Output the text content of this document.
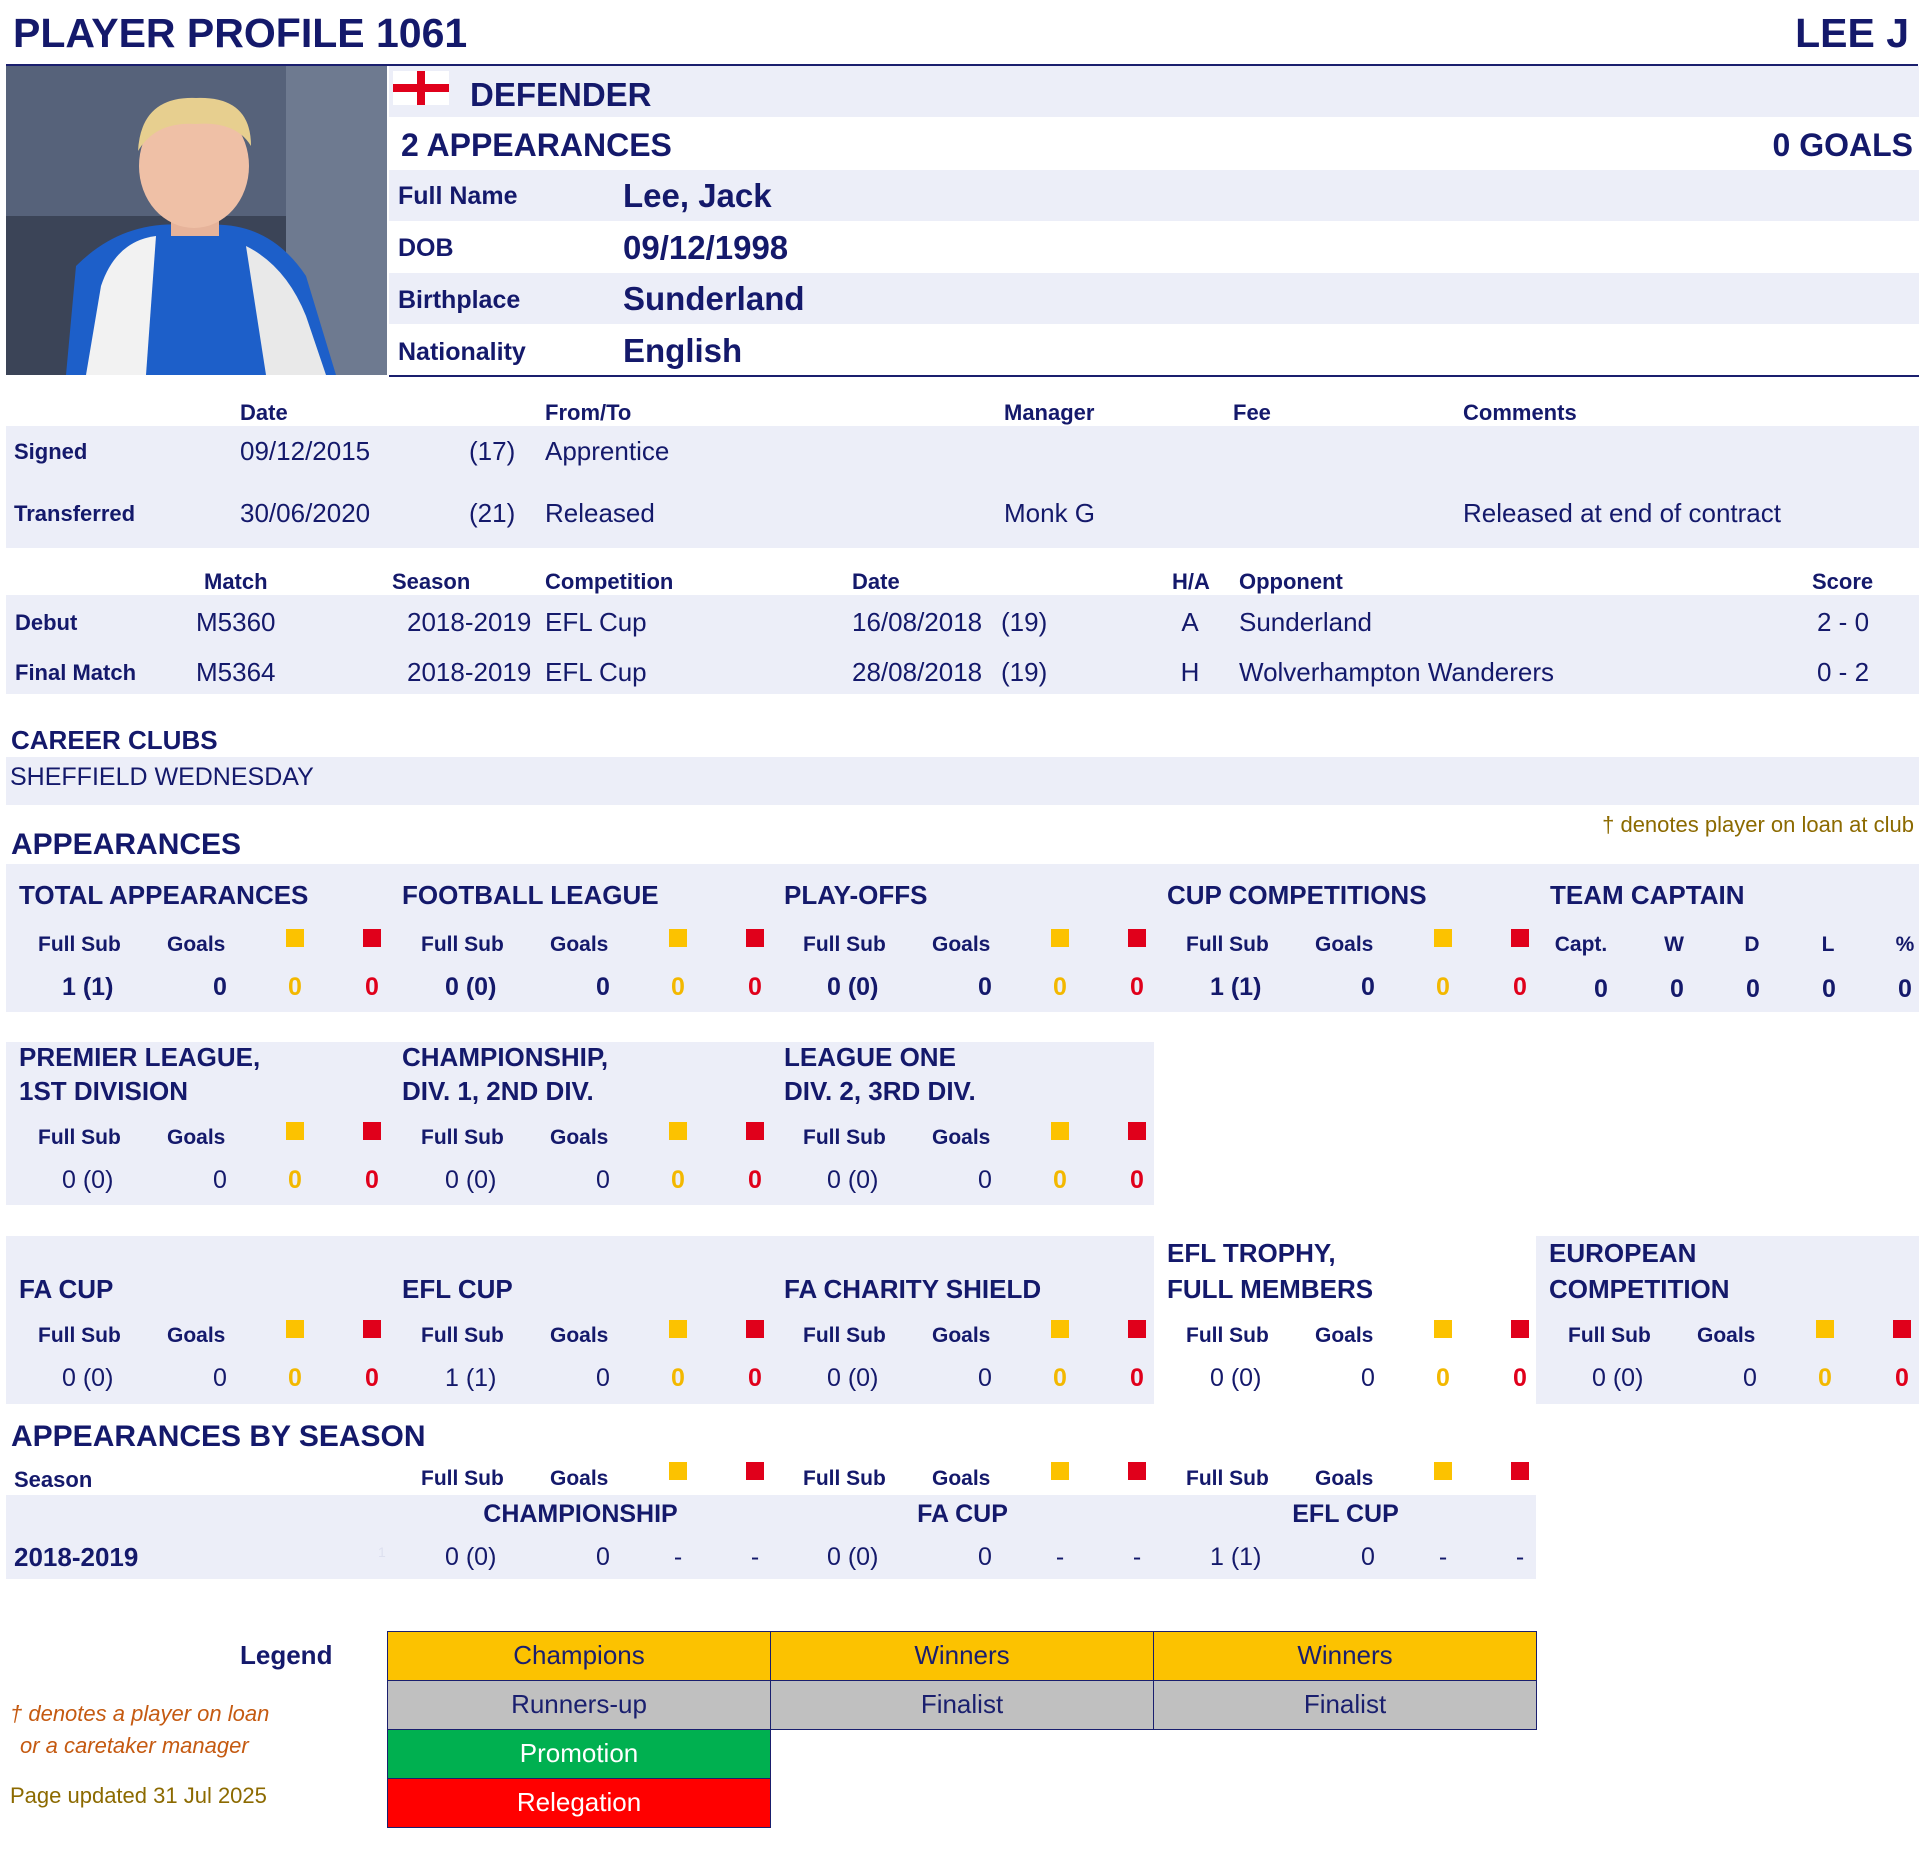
PLAYER PROFILE 1061	LEE J
DEFENDER
2 APPEARANCES	0 GOALS
Full Name	Lee, Jack
DOB	09/12/1998
Birthplace	Sunderland
Nationality	English
Date	From/To	Manager	Fee	Comments
Signed	09/12/2015	(17) Apprentice
Transferred	30/06/2020	(21) Released	Monk G	Released at end of contract
Match	Season	Competition	Date	H/A Opponent	Score
Debut	M5360	2018-2019 EFL Cup	16/08/2018 (19)	A	Sunderland	2 - 0
Final Match M5364	2018-2019 EFL Cup	28/08/2018 (19)	H	Wolverhampton Wanderers	0 - 2
CAREER CLUBS
SHEFFIELD WEDNESDAY
† denotes player on loan at club
APPEARANCES
TOTAL APPEARANCES
Full Sub Goals
1 (1)	0	0	0
FOOTBALL LEAGUE
Full Sub Goals
0 (0)	0	0	0
PLAY-OFFS
Full Sub Goals
0 (0)	0	0	0
CUP COMPETITIONS
Full Sub Goals
1 (1)	0	0	0
PREMIER LEAGUE,
1ST DIVISION
Full Sub Goals
0 (0)	0	0	0
CHAMPIONSHIP,
DIV. 1, 2ND DIV.
Full Sub Goals
0 (0)	0	0	0
LEAGUE ONE
DIV. 2, 3RD DIV.
Full Sub Goals
0 (0)	0	0	0
FA CUP
Full Sub Goals
0 (0)	0	0	0
EFL CUP
Full Sub Goals
1 (1)	0	0	0
FA CHARITY SHIELD
Full Sub Goals
0 (0)	0	0	0
EFL TROPHY,
FULL MEMBERS
Full Sub Goals
0 (0)	0	0	0
EUROPEAN
COMPETITION
Full Sub Goals
0 (0)	0	0	0
TEAM CAPTAIN
Capt.	W	D	L	%
0	0	0	0	0
APPEARANCES BY SEASON
Season
2018-2019	1
Full Sub Goals
CHAMPIONSHIP
0 (0)	0	-	-
Full Sub Goals
FA CUP
0 (0)	0	-	-
Full Sub Goals
EFL CUP
1 (1)	0	-	-
Legend
† denotes a player on loan
or a caretaker manager
Page updated 31 Jul 2025
Champions	Winners	Winners
Runners-up	Finalist	Finalist
Promotion
Relegation
